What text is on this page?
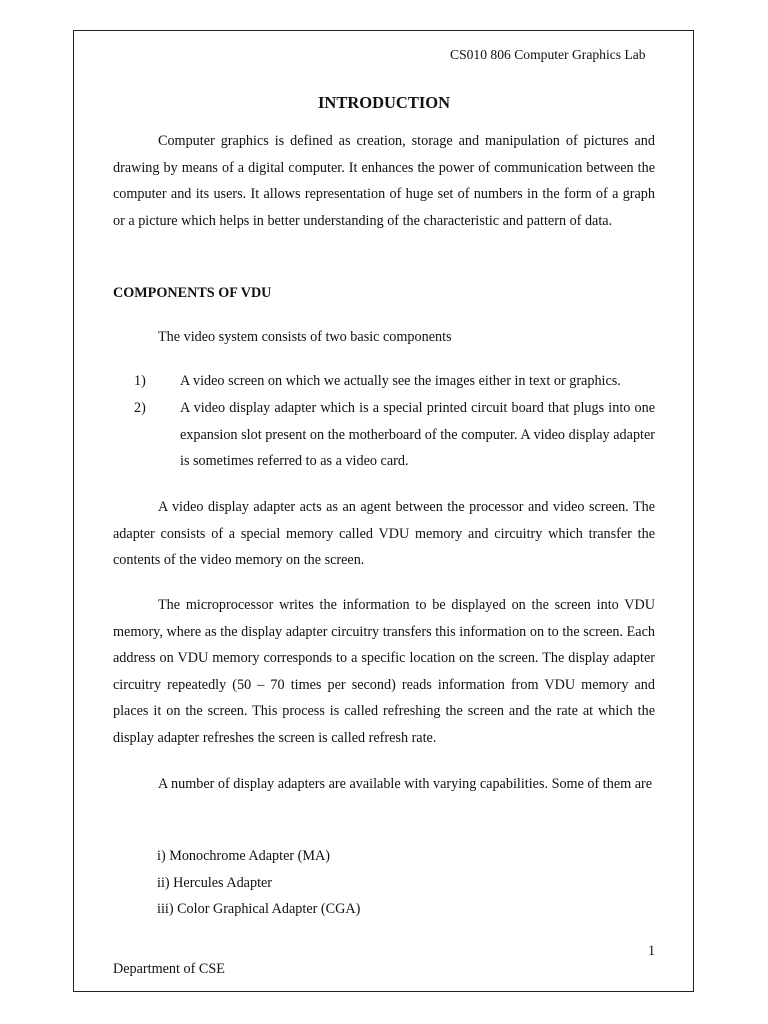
CS010 806 Computer Graphics Lab
INTRODUCTION
Computer graphics is defined as creation, storage and manipulation of pictures and drawing by means of a digital computer. It enhances the power of communication between the computer and its users. It allows representation of huge set of numbers in the form of a graph or a picture which helps in better understanding of the characteristic and pattern of data.
COMPONENTS OF VDU
The video system consists of two basic components
1) A video screen on which we actually see the images either in text or graphics.
2) A video display adapter which is a special printed circuit board that plugs into one expansion slot present on the motherboard of the computer. A video display adapter is sometimes referred to as a video card.
A video display adapter acts as an agent between the processor and video screen. The adapter consists of a special memory called VDU memory and circuitry which transfer the contents of the video memory on the screen.
The microprocessor writes the information to be displayed on the screen into VDU memory, where as the display adapter circuitry transfers this information on to the screen. Each address on VDU memory corresponds to a specific location on the screen. The display adapter circuitry repeatedly (50 – 70 times per second) reads information from VDU memory and places it on the screen. This process is called refreshing the screen and the rate at which the display adapter refreshes the screen is called refresh rate.
A number of display adapters are available with varying capabilities. Some of them are
i) Monochrome Adapter (MA)
ii) Hercules Adapter
iii) Color Graphical Adapter (CGA)
1
Department of CSE
